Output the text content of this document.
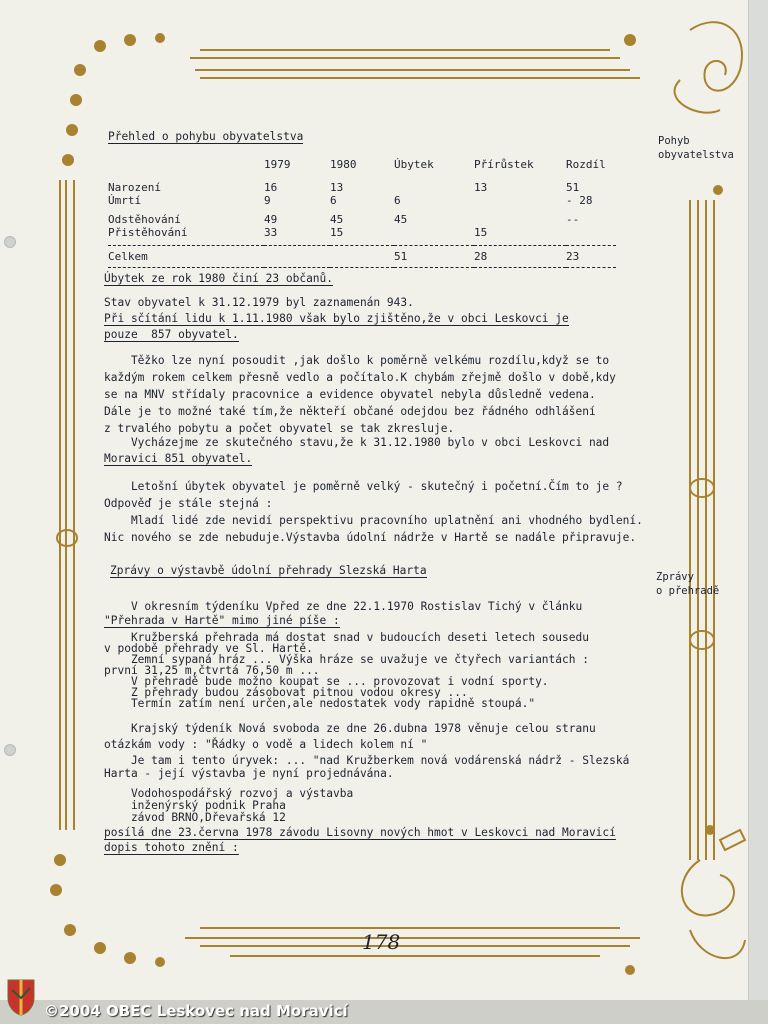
Pohyb
obyvatelstva
Zprávy
o přehradě
Přehled o pohybu obyvatelstva
	1979	1980	Úbytek	Přírůstek	Rozdíl

Narození	16	13		13	51
Úmrtí	9	6	6		- 28

Odstěhování	49	45	45		--
Přistěhování	33	15		15	

Celkem			51	28	23

Úbytek ze rok 1980 činí 23 občanů.
Stav obyvatel k 31.12.1979 byl zaznamenán 943.
Při sčítání lidu k 1.11.1980 však bylo zjištěno,že v obci Leskovci je
pouze  857 obyvatel.
Těžko lze nyní posoudit ,jak došlo k poměrně velkému rozdílu,když se to
každým rokem celkem přesně vedlo a počítalo.K chybám zřejmě došlo v době,kdy
se na MNV střídaly pracovnice a evidence obyvatel nebyla důsledně vedena.
Dále je to možné také tím,že někteří občané odejdou bez řádného odhlášení
z trvalého pobytu a počet obyvatel se tak zkresluje.
Vycházejme ze skutečného stavu,že k 31.12.1980 bylo v obci Leskovci nad
Moravici 851 obyvatel.
Letošní úbytek obyvatel je poměrně velký - skutečný i početní.Čím to je ?
Odpověď je stále stejná :
Mladí lidé zde nevidí perspektivu pracovního uplatnění ani vhodného bydlení.
Nic nového se zde nebuduje.Výstavba údolní nádrže v Hartě se nadále připravuje.
Zprávy o výstavbě údolní přehrady Slezská Harta
V okresním týdeníku Vpřed ze dne 22.1.1970 Rostislav Tichý v článku
"Přehrada v Hartě" mimo jiné píše :
Kružberská přehrada má dostat snad v budoucích deseti letech sousedu
v podobě přehrady ve Sl. Hartě.
Zemní sypaná hráz ... Výška hráze se uvažuje ve čtyřech variantách :
první 31,25 m,čtvrtá 76,50 m ...
V přehradě bude možno koupat se ... provozovat i vodní sporty.
Z přehrady budou zásobovat pitnou vodou okresy ...
Termín zatím není určen,ale nedostatek vody rapidně stoupá."
Krajský týdeník Nová svoboda ze dne 26.dubna 1978 věnuje celou stranu
otázkám vody : "Řádky o vodě a lidech kolem ní "
Je tam i tento úryvek: ... "nad Kružberkem nová vodárenská nádrž - Slezská
Harta - její výstavba je nyní projednávána.
Vodohospodářský rozvoj a výstavba
inženýrský podnik Praha
závod BRNO,Dřevařská 12
posílá dne 23.června 1978 závodu Lisovny nových hmot v Leskovci nad Moravicí
dopis tohoto znění :
178
©2004 OBEC Leskovec nad Moravicí
